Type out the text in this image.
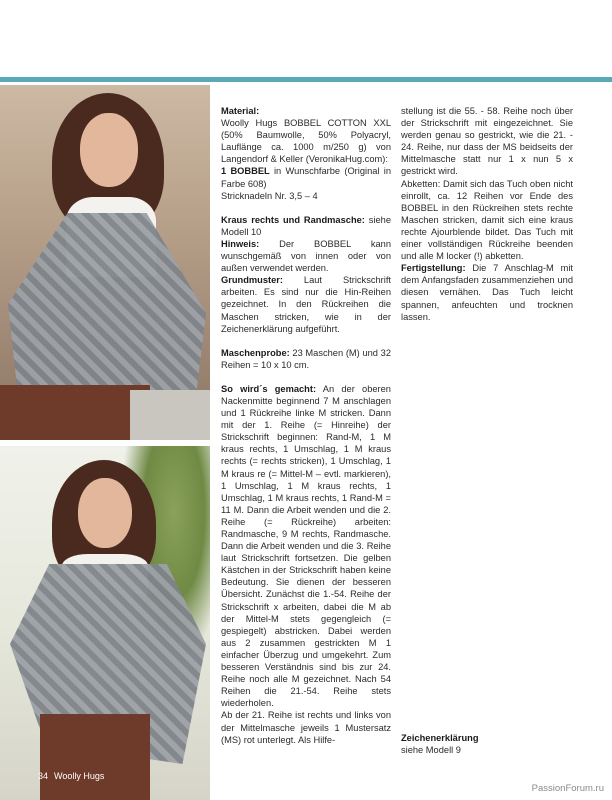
Material:

Woolly Hugs BOBBEL COTTON XXL (50% Baumwolle, 50% Polyacryl, Lauflänge ca. 1000 m/250 g) von Langendorf & Keller (VeronikaHug.com):

1 BOBBEL in Wunschfarbe (Original in Farbe 608)

Stricknadeln Nr. 3,5 – 4

Kraus rechts und Randmasche: siehe Modell 10

Hinweis: Der BOBBEL kann wunschgemäß von innen oder von außen verwendet werden.

Grundmuster: Laut Strickschrift arbeiten. Es sind nur die Hin-Reihen gezeichnet. In den Rückreihen die Maschen stricken, wie in der Zeichenerklärung aufgeführt.

Maschenprobe: 23 Maschen (M) und 32 Reihen = 10 x 10 cm.

So wird´s gemacht: An der oberen Nackenmitte beginnend 7 M anschlagen und 1 Rückreihe linke M stricken. Dann mit der 1. Reihe (= Hinreihe) der Strickschrift beginnen: Rand-M, 1 M kraus rechts, 1 Umschlag, 1 M kraus rechts (= rechts stricken), 1 Umschlag, 1 M kraus re (= Mittel-M – evtl. markieren), 1 Umschlag, 1 M kraus rechts, 1 Umschlag, 1 M kraus rechts, 1 Rand-M = 11 M. Dann die Arbeit wenden und die 2. Reihe (= Rückreihe) arbeiten: Randmasche, 9 M rechts, Randmasche. Dann die Arbeit wenden und die 3. Reihe laut Strickschrift fortsetzen. Die gelben Kästchen in der Strickschrift haben keine Bedeutung. Sie dienen der besseren Übersicht. Zunächst die 1.-54. Reihe der Strickschrift x arbeiten, dabei die M ab der Mittel-M stets gegengleich (= gespiegelt) abstricken. Dabei werden aus 2 zusammen gestrickten M 1 einfacher Überzug und umgekehrt. Zum besseren Verständnis sind bis zur 24. Reihe noch alle M gezeichnet. Nach 54 Reihen die 21.-54. Reihe stets wiederholen.

Ab der 21. Reihe ist rechts und links von der Mittelmasche jeweils 1 Mustersatz (MS) rot unterlegt. Als Hilfe-

stellung ist die 55. - 58. Reihe noch über der Strickschrift mit eingezeichnet. Sie werden genau so gestrickt, wie die 21. - 24. Reihe, nur dass der MS beidseits der Mittelmasche statt nur 1 x nun 5 x gestrickt wird.

Abketten: Damit sich das Tuch oben nicht einrollt, ca. 12 Reihen vor Ende des BOBBEL in den Rückreihen stets rechte Maschen stricken, damit sich eine kraus rechte Ajourblende bildet. Das Tuch mit einer vollständigen Rückreihe beenden und alle M locker (!) abketten.

Fertigstellung: Die 7 Anschlag-M mit dem Anfangsfaden zusammenziehen und diesen vernähen. Das Tuch leicht spannen, anfeuchten und trocknen lassen.

Zeichenerklärung

siehe Modell 9

34 Woolly Hugs
PassionForum.ru
